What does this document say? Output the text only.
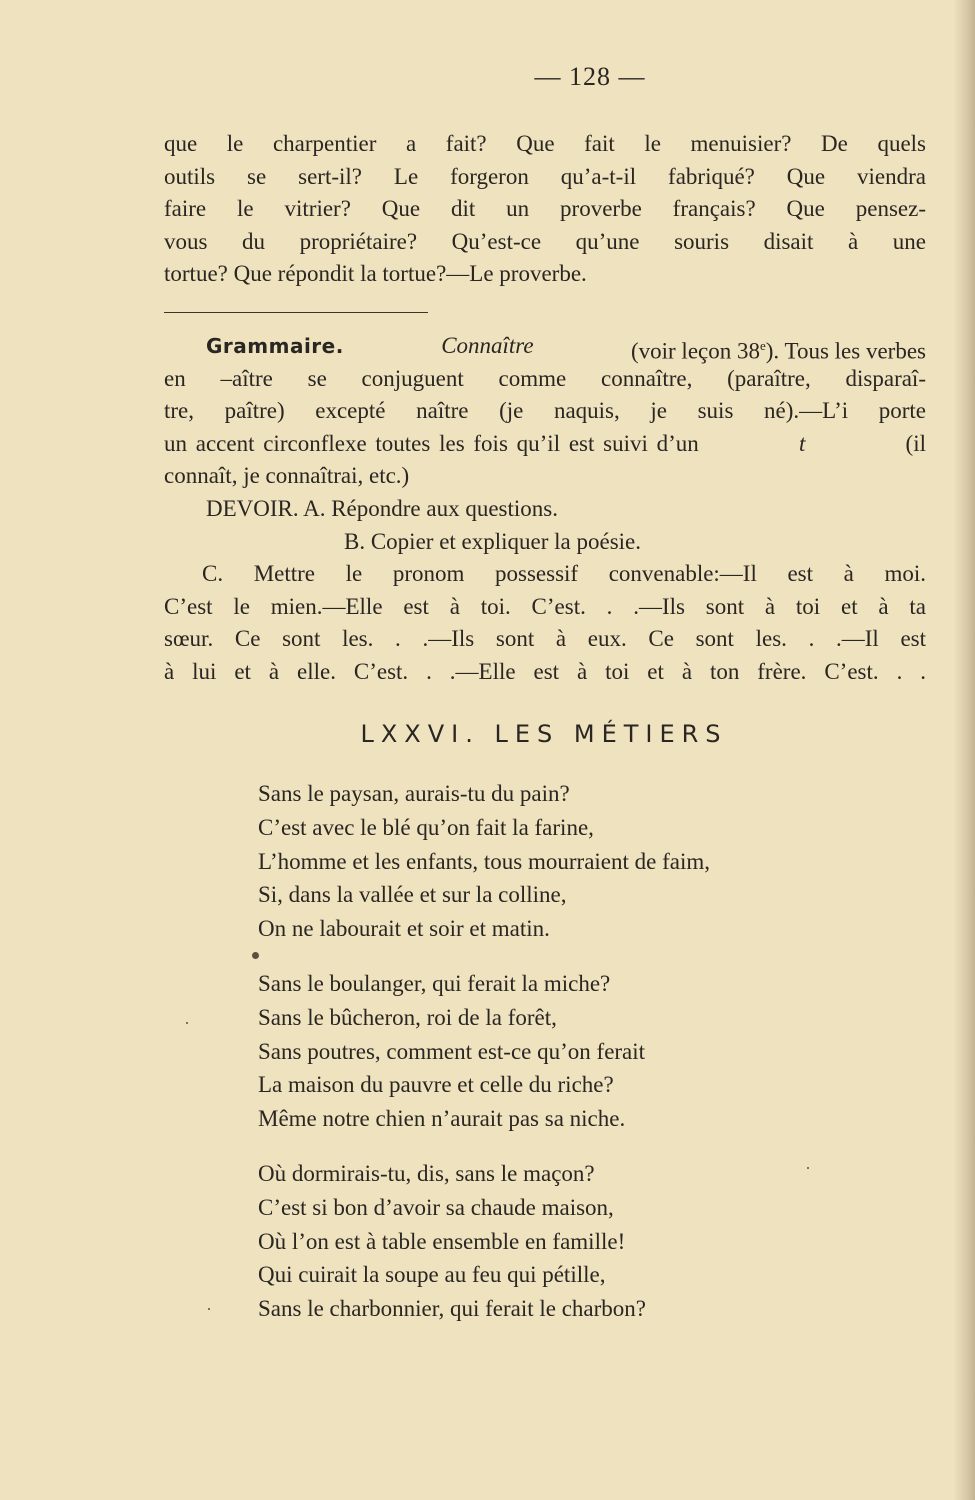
— 128 —
que le charpentier a fait? Que fait le menuisier? De quels
outils se sert-il? Le forgeron qu’a-t-il fabriqué? Que viendra
faire le vitrier? Que dit un proverbe français? Que pensez-
vous du propriétaire? Qu’est-ce qu’une souris disait à une
tortue? Que répondit la tortue?—Le proverbe.
Grammaire.	Connaître	(voir leçon 38e). Tous les verbes
en –aître se conjuguent comme connaître, (paraître, disparaî-
tre, paître) excepté naître (je naquis, je suis né).—L’i porte
un accent circonflexe toutes les fois qu’il est suivi d’un	t	(il
connaît, je connaîtrai, etc.)
DEVOIR. A. Répondre aux questions.
B. Copier et expliquer la poésie.
C. Mettre le pronom possessif convenable:—Il est à moi.
C’est le mien.—Elle est à toi. C’est. . .—Ils sont à toi et à ta
sœur. Ce sont les. . .—Ils sont à eux. Ce sont les. . .—Il est
à lui et à elle. C’est. . .—Elle est à toi et à ton frère. C’est. . .
LXXVI. LES MÉTIERS
Sans le paysan, aurais-tu du pain?
C’est avec le blé qu’on fait la farine,
L’homme et les enfants, tous mourraient de faim,
Si, dans la vallée et sur la colline,
On ne labourait et soir et matin.
Sans le boulanger, qui ferait la miche?
Sans le bûcheron, roi de la forêt,
Sans poutres, comment est-ce qu’on ferait
La maison du pauvre et celle du riche?
Même notre chien n’aurait pas sa niche.
Où dormirais-tu, dis, sans le maçon?
C’est si bon d’avoir sa chaude maison,
Où l’on est à table ensemble en famille!
Qui cuirait la soupe au feu qui pétille,
Sans le charbonnier, qui ferait le charbon?
